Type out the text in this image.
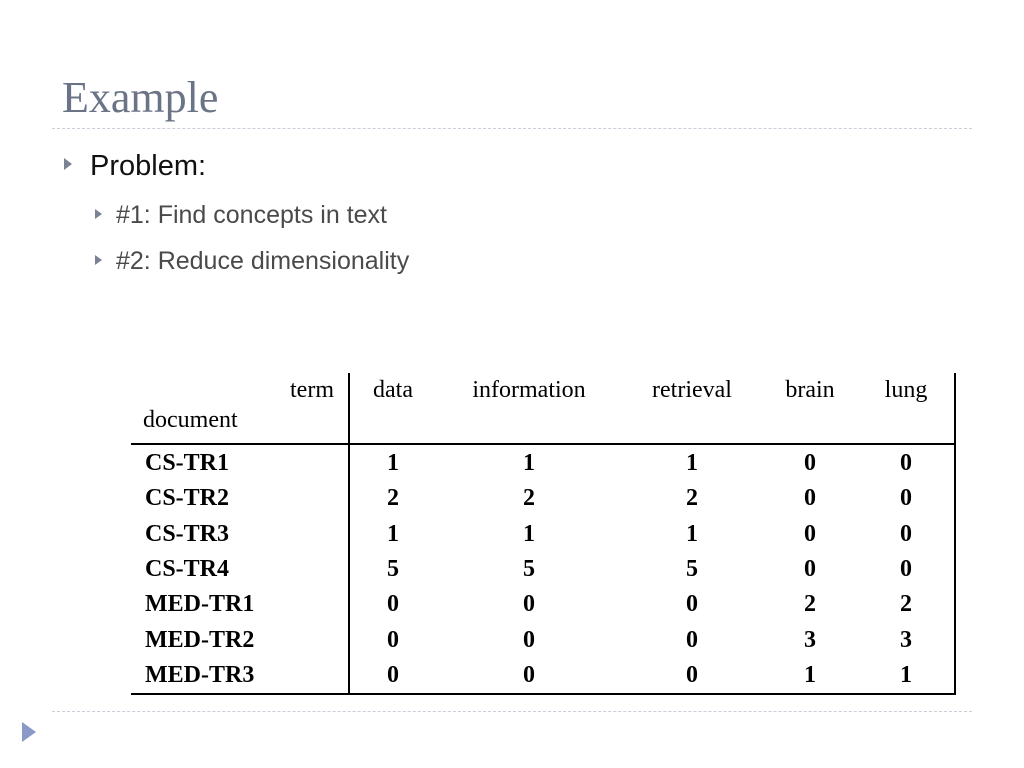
Example
Problem:
#1: Find concepts in text
#2: Reduce dimensionality
term	data	information	retrieval	brain	lung
document					
CS-TR1	1	1	1	0	0
CS-TR2	2	2	2	0	0
CS-TR3	1	1	1	0	0
CS-TR4	5	5	5	0	0
MED-TR1	0	0	0	2	2
MED-TR2	0	0	0	3	3
MED-TR3	0	0	0	1	1
